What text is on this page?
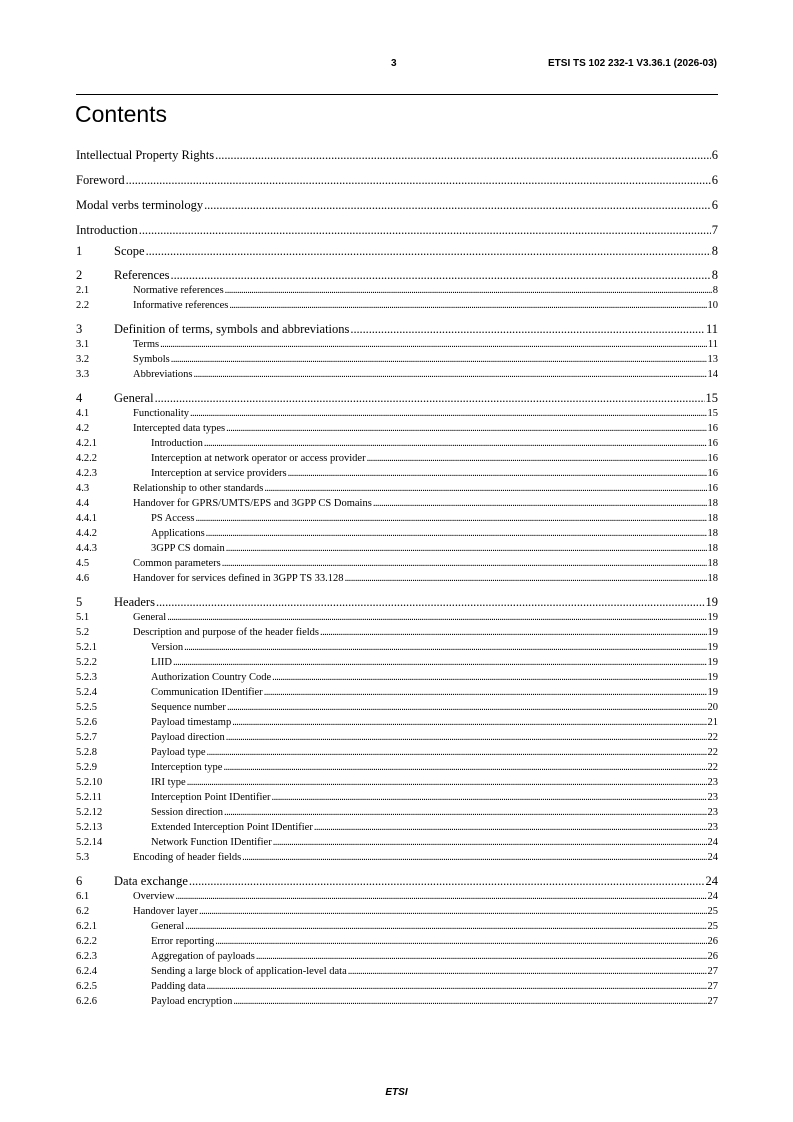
3	ETSI TS 102 232-1 V3.36.1 (2026-03)
Contents
Intellectual Property Rights . . .	6
Foreword . . .	6
Modal verbs terminology . . .	6
Introduction . . .	7
1	Scope . . .	8
2	References . . .	8
2.1	Normative references . . .	8
2.2	Informative references . . .	10
3	Definition of terms, symbols and abbreviations . . .	11
3.1	Terms . . .	11
3.2	Symbols . . .	13
3.3	Abbreviations . . .	14
4	General . . .	15
4.1	Functionality . . .	15
4.2	Intercepted data types . . .	16
4.2.1	Introduction . . .	16
4.2.2	Interception at network operator or access provider . . .	16
4.2.3	Interception at service providers . . .	16
4.3	Relationship to other standards . . .	16
4.4	Handover for GPRS/UMTS/EPS and 3GPP CS Domains . . .	18
4.4.1	PS Access . . .	18
4.4.2	Applications . . .	18
4.4.3	3GPP CS domain . . .	18
4.5	Common parameters . . .	18
4.6	Handover for services defined in 3GPP TS 33.128 . . .	18
5	Headers . . .	19
5.1	General . . .	19
5.2	Description and purpose of the header fields . . .	19
5.2.1	Version . . .	19
5.2.2	LIID . . .	19
5.2.3	Authorization Country Code . . .	19
5.2.4	Communication IDentifier . . .	19
5.2.5	Sequence number . . .	20
5.2.6	Payload timestamp . . .	21
5.2.7	Payload direction . . .	22
5.2.8	Payload type . . .	22
5.2.9	Interception type . . .	22
5.2.10	IRI type . . .	23
5.2.11	Interception Point IDentifier . . .	23
5.2.12	Session direction . . .	23
5.2.13	Extended Interception Point IDentifier . . .	23
5.2.14	Network Function IDentifier . . .	24
5.3	Encoding of header fields . . .	24
6	Data exchange . . .	24
6.1	Overview . . .	24
6.2	Handover layer . . .	25
6.2.1	General . . .	25
6.2.2	Error reporting . . .	26
6.2.3	Aggregation of payloads . . .	26
6.2.4	Sending a large block of application-level data . . .	27
6.2.5	Padding data . . .	27
6.2.6	Payload encryption . . .	27
ETSI
